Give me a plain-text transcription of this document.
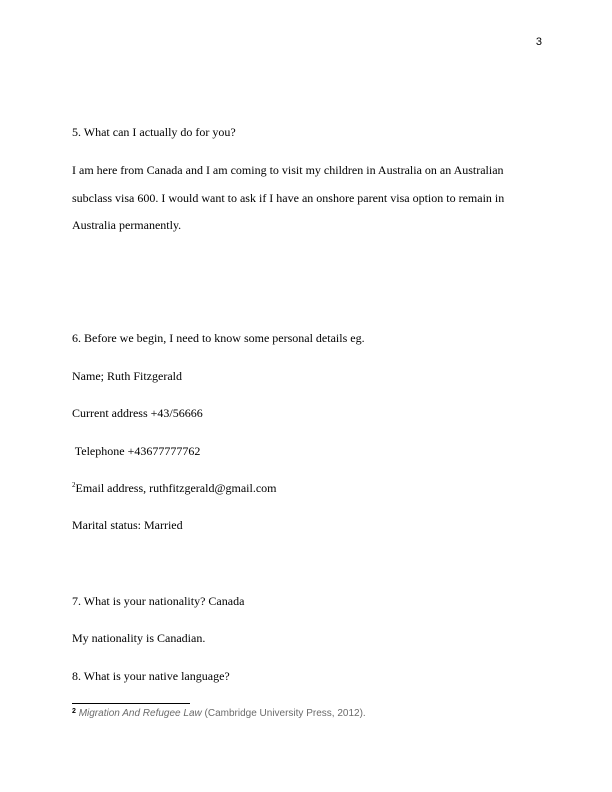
3
5. What can I actually do for you?
I am here from Canada and I am coming to visit my children in Australia on an Australian
subclass visa 600. I would want to ask if I have an onshore parent visa option to remain in
Australia permanently.
6. Before we begin, I need to know some personal details eg.
Name; Ruth Fitzgerald
Current address +43/56666
Telephone +43677777762
$^2$Email address, ruthfitzgerald@gmail.com
Marital status: Married
7. What is your nationality? Canada
My nationality is Canadian.
8. What is your native language?
$^2$ Migration And Refugee Law (Cambridge University Press, 2012).
